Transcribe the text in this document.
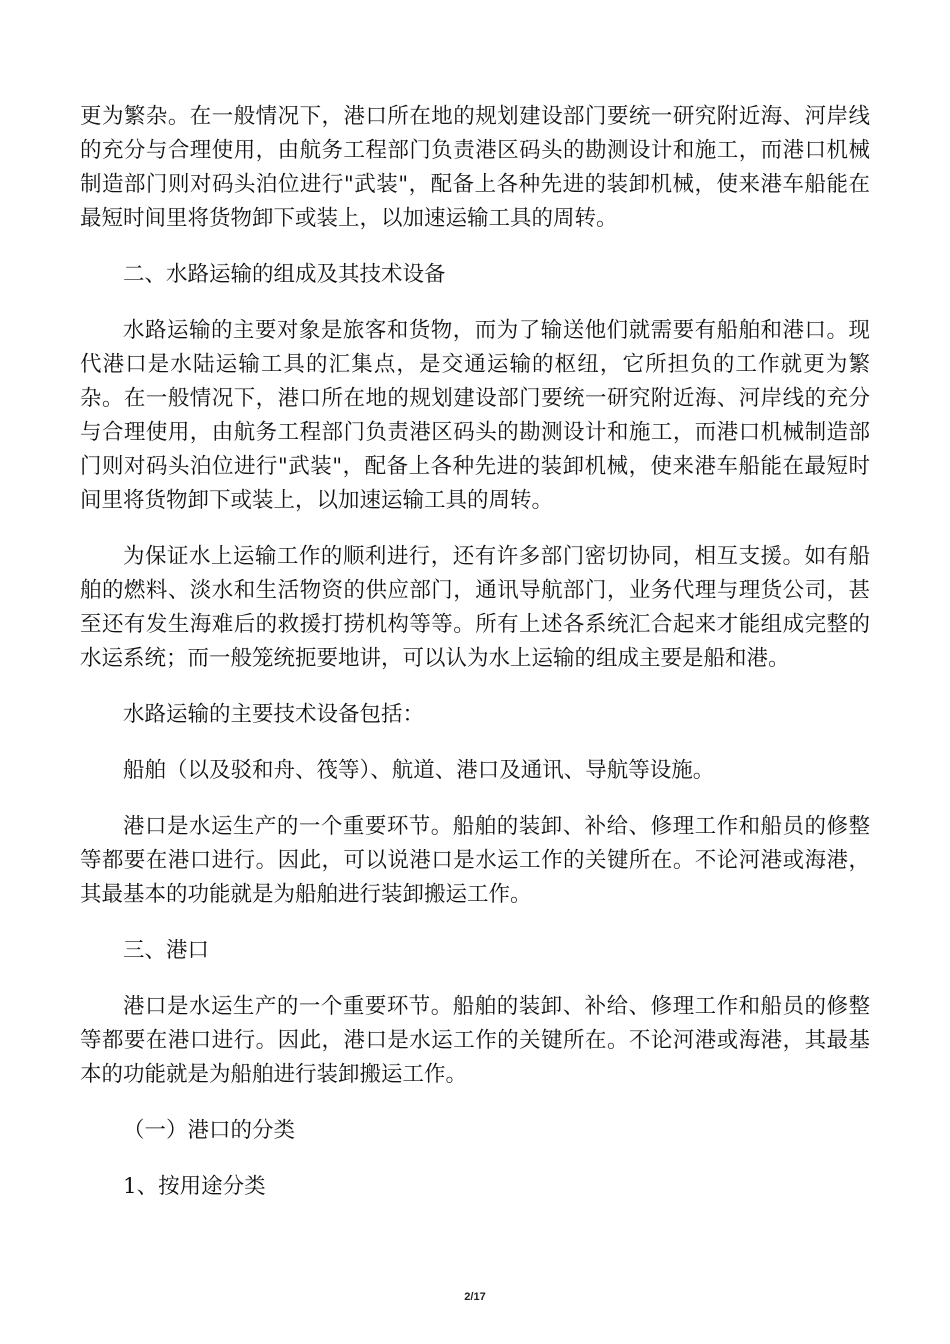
更为繁杂。在一般情况下，港口所在地的规划建设部门要统一研究附近海、河岸线的充分与合理使用，由航务工程部门负责港区码头的勘测设计和施工，而港口机械制造部门则对码头泊位进行"武装"，配备上各种先进的装卸机械，使来港车船能在最短时间里将货物卸下或装上，以加速运输工具的周转。

二、水路运输的组成及其技术设备

水路运输的主要对象是旅客和货物，而为了输送他们就需要有船舶和港口。现代港口是水陆运输工具的汇集点，是交通运输的枢纽，它所担负的工作就更为繁杂。在一般情况下，港口所在地的规划建设部门要统一研究附近海、河岸线的充分与合理使用，由航务工程部门负责港区码头的勘测设计和施工，而港口机械制造部门则对码头泊位进行"武装"，配备上各种先进的装卸机械，使来港车船能在最短时间里将货物卸下或装上，以加速运输工具的周转。

为保证水上运输工作的顺利进行，还有许多部门密切协同，相互支援。如有船舶的燃料、淡水和生活物资的供应部门，通讯导航部门，业务代理与理货公司，甚至还有发生海难后的救援打捞机构等等。所有上述各系统汇合起来才能组成完整的水运系统；而一般笼统扼要地讲，可以认为水上运输的组成主要是船和港。

水路运输的主要技术设备包括：

船舶（以及驳和舟、筏等）、航道、港口及通讯、导航等设施。

港口是水运生产的一个重要环节。船舶的装卸、补给、修理工作和船员的修整等都要在港口进行。因此，可以说港口是水运工作的关键所在。不论河港或海港，其最基本的功能就是为船舶进行装卸搬运工作。

三、港口

港口是水运生产的一个重要环节。船舶的装卸、补给、修理工作和船员的修整等都要在港口进行。因此，港口是水运工作的关键所在。不论河港或海港，其最基本的功能就是为船舶进行装卸搬运工作。

（一）港口的分类

1、按用途分类

2/17
